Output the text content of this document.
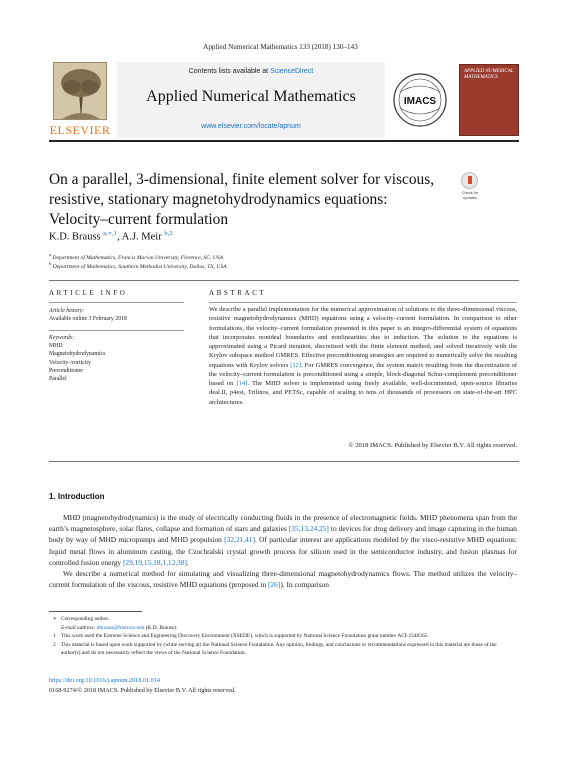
Applied Numerical Mathematics 133 (2018) 130–143
ELSEVIER
Contents lists available at ScienceDirect
Applied Numerical Mathematics
www.elsevier.com/locate/apnum
IMACS
APPLIED NUMERICAL MATHEMATICS
On a parallel, 3-dimensional, finite element solver for viscous, resistive, stationary magnetohydrodynamics equations: Velocity–current formulation
Check for updates
K.D. Brauss $^{a,∗,1}$, A.J. Meir $^{b,2}$
$^a$ Department of Mathematics, Francis Marion University, Florence, SC, USA
$^b$ Department of Mathematics, Southern Methodist University, Dallas, TX, USA
ARTICLE INFO	ABSTRACT
Article history:
Available online 3 February 2018
Keywords:
MHD
Magnetohydrodynamics
Velocity–vorticity
Preconditioner
Parallel
We describe a parallel implementation for the numerical approximation of solutions to the three-dimensional viscous, resistive magnetohydrodynamics (MHD) equations using a velocity–current formulation. In comparison to other formulations, the velocity–current formulation presented in this paper is an integro-differential system of equations that incorporates nonideal boundaries and nonlinearities due to induction. The solution to the equations is approximated using a Picard iteration, discretized with the finite element method, and solved iteratively with the Krylov subspace method GMRES. Effective preconditioning strategies are required to numerically solve the resulting equations with Krylov solvers [12]. For GMRES convergence, the system matrix resulting from the discretization of the velocity–current formulation is preconditioned using a simple, block-diagonal Schur-complement preconditioner based on [14]. The MHD solver is implemented using freely available, well-documented, open-source libraries deal.II, p4est, Trilinos, and PETSc, capable of scaling to tens of thousands of processors on state-of-the-art HPC architectures.
© 2018 IMACS. Published by Elsevier B.V. All rights reserved.
1. Introduction

MHD (magnetohydrodynamics) is the study of electrically conducting fluids in the presence of electromagnetic fields. MHD phenomena span from the earth’s magnetosphere, solar flares, collapse and formation of stars and galaxies [35,13,24,25] to devices for drug delivery and image capturing in the human body by way of MHD micropumps and MHD propulsion [32,21,41]. Of particular interest are applications modeled by the visco-resistive MHD equations: liquid metal flows in aluminum casting, the Czochralski crystal growth process for silicon used in the semiconductor industry, and fusion plasmas for controlled fusion energy [29,19,15,18,1,12,38].

We describe a numerical method for simulating and visualizing three-dimensional magnetohydrodynamics flows. The method utilizes the velocity–current formulation of the viscous, resistive MHD equations (proposed in [26]). In comparison

∗ Corresponding author.
E-mail address: dbrauss@fmarion.edu (K.D. Brauss).
1 This work used the Extreme Science and Engineering Discovery Environment (XSEDE), which is supported by National Science Foundation grant number ACI-1548562.
2 This material is based upon work supported by (while serving at) the National Science Foundation. Any opinion, findings, and conclusions or recommendations expressed in this material are those of the author(s) and do not necessarily reflect the views of the National Science Foundation.
https://doi.org/10.1016/j.apnum.2018.01.014
0168-9274/© 2018 IMACS. Published by Elsevier B.V. All rights reserved.
